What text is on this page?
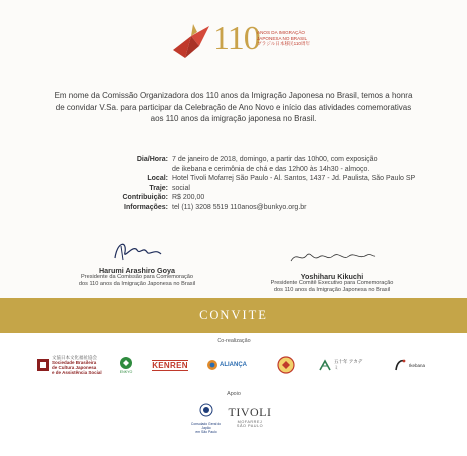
110
ANOS DA IMIGRAÇÃO
JAPONESA NO BRASIL
ブラジル日本移民110周年
Em nome da Comissão Organizadora dos 110 anos da Imigração Japonesa no Brasil, temos a honra de convidar V.Sa. para participar da Celebração de Ano Novo e início das atividades comemorativas aos 110 anos da imigração japonesa no Brasil.
Dia/Hora: 7 de janeiro de 2018, domingo, a partir das 10h00, com exposição
de ikebana e cerimônia de chá e das 12h00 às 14h30 - almoço.
Local: Hotel Tivoli Mofarrej São Paulo - Al. Santos, 1437 - Jd. Paulista, São Paulo SP
Traje: social
Contribuição: R$ 200,00
Informações: tel (11) 3208 5519 110anos@bunkyo.org.br
Harumi Arashiro Goya
Presidente da Comissão para Comemoração
dos 110 anos da Imigração Japonesa no Brasil
Yoshiharu Kikuchi
Presidente Comitê Executivo para Comemoração
dos 110 anos da Imigração Japonesa no Brasil
CONVITE
Co-realização
文協日本文化福祉協会
Sociedade Brasileira
de Cultura Japonesa
e de Assistência Social	ENKYO
KENREN	ALIANÇA
五十年 アカデミ	Ikebana
Apoio
Consulado Geral do Japão
em São Paulo
TIVOLI
MOFARREJ
SÃO PAULO
